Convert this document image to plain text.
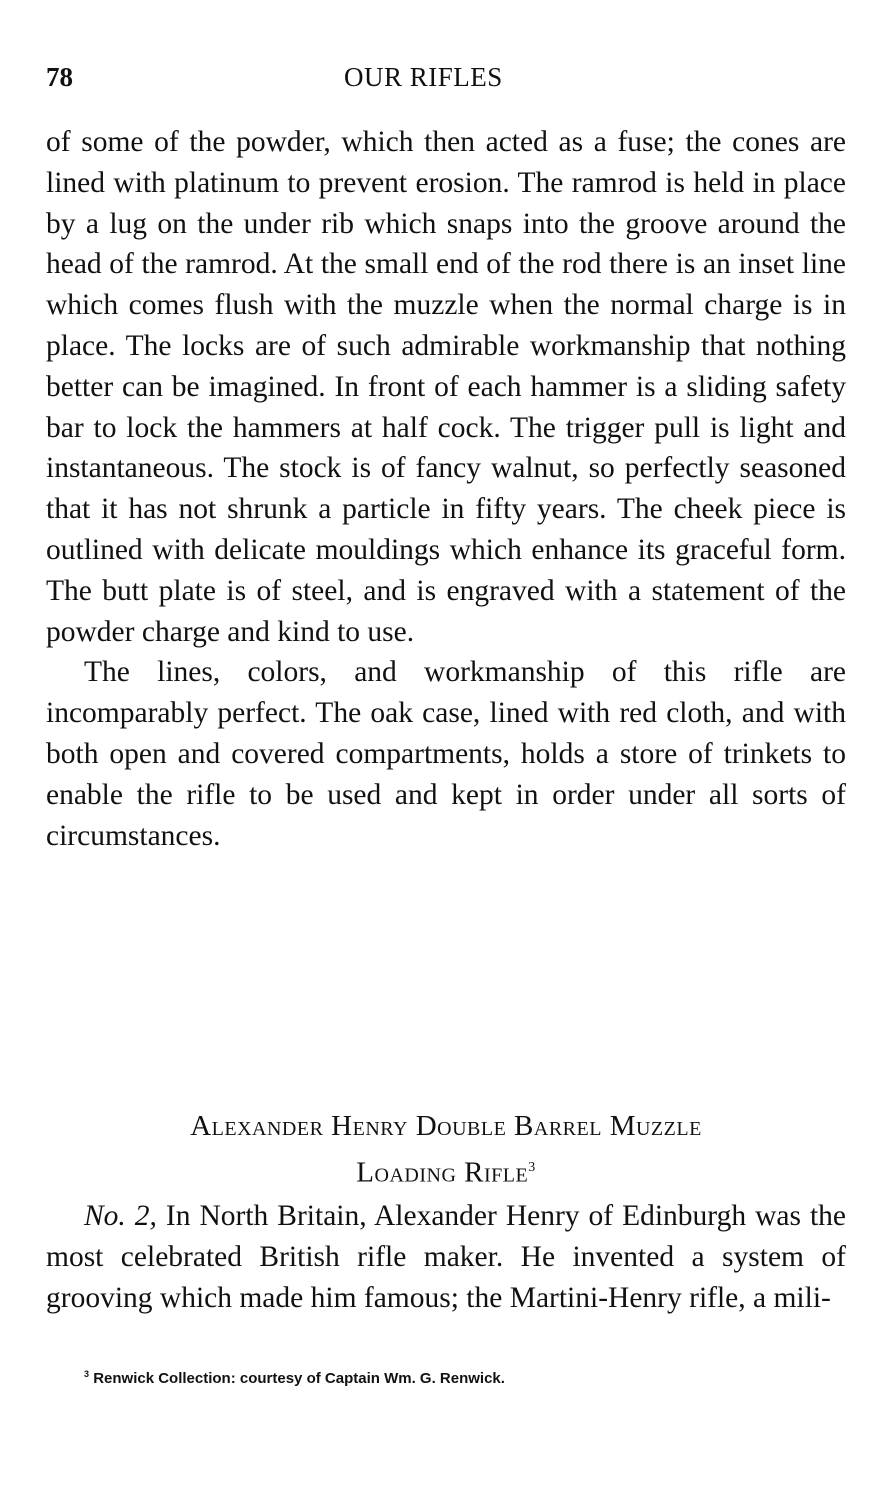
78	OUR RIFLES

of some of the powder, which then acted as a fuse; the cones are lined with platinum to prevent erosion. The ramrod is held in place by a lug on the under rib which snaps into the groove around the head of the ramrod. At the small end of the rod there is an inset line which comes flush with the muzzle when the normal charge is in place. The locks are of such admirable workmanship that nothing better can be imagined. In front of each hammer is a sliding safety bar to lock the hammers at half cock. The trigger pull is light and instantaneous. The stock is of fancy walnut, so perfectly seasoned that it has not shrunk a particle in fifty years. The cheek piece is outlined with delicate mouldings which enhance its graceful form. The butt plate is of steel, and is engraved with a statement of the powder charge and kind to use.

The lines, colors, and workmanship of this rifle are incomparably perfect. The oak case, lined with red cloth, and with both open and covered compartments, holds a store of trinkets to enable the rifle to be used and kept in order under all sorts of circumstances.

Alexander Henry Double Barrel Muzzle
Loading Rifle$^3$

No. 2, In North Britain, Alexander Henry of Edinburgh was the most celebrated British rifle maker. He invented a system of grooving which made him famous; the Martini-Henry rifle, a mili-

$^3$ Renwick Collection: courtesy of Captain Wm. G. Renwick.
